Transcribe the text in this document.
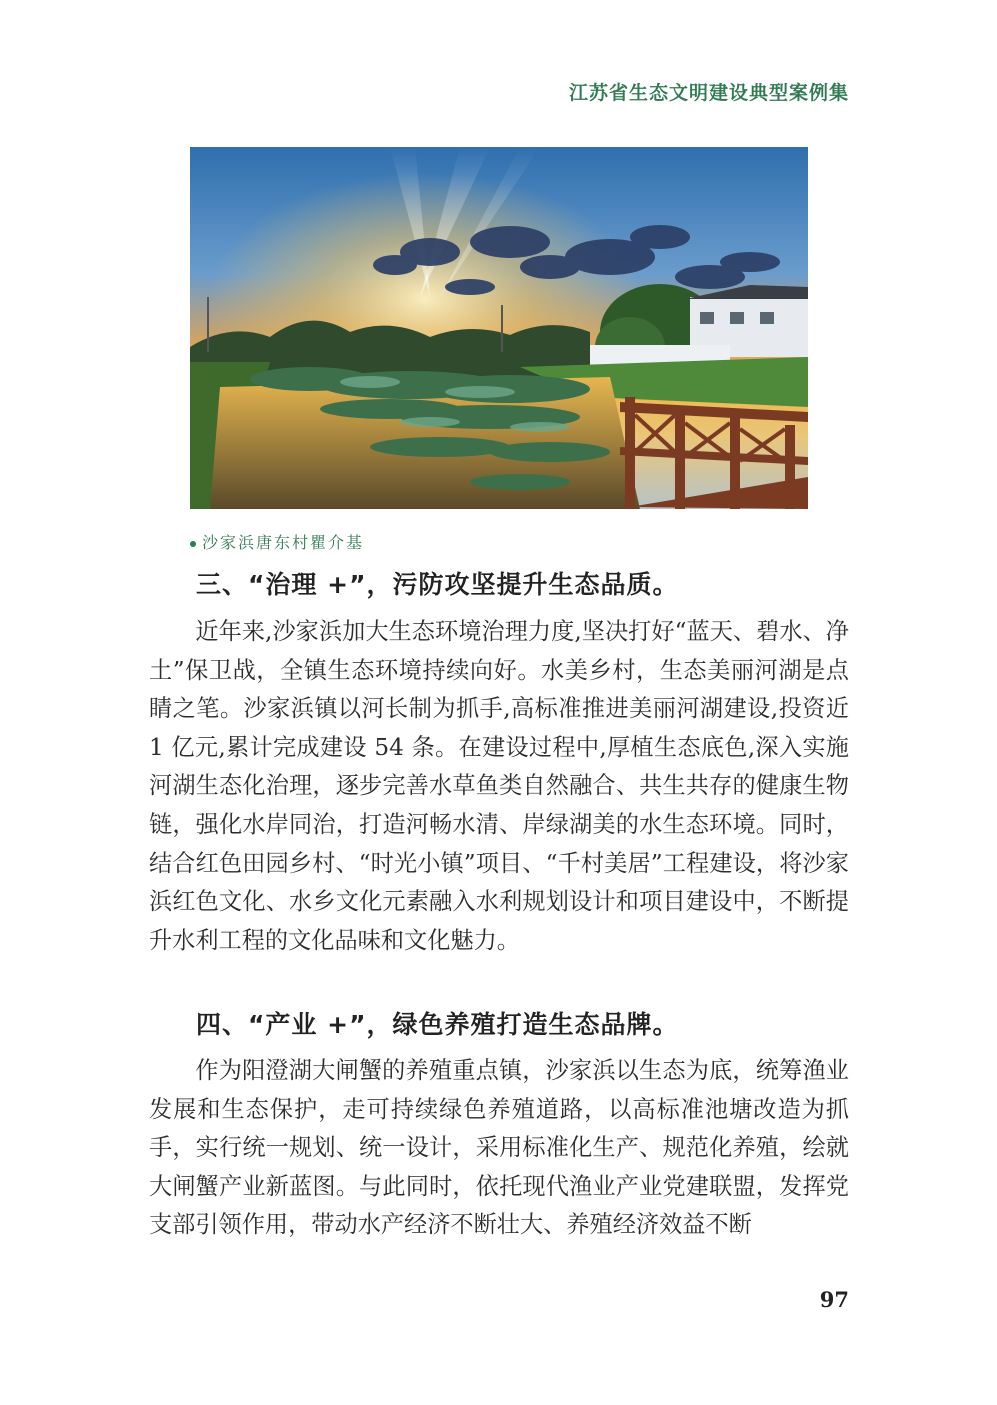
江苏省生态文明建设典型案例集
沙家浜唐东村瞿介基
三、“治理 +”，污防攻坚提升生态品质。

近年来,沙家浜加大生态环境治理力度,坚决打好“蓝天、碧水、净土”保卫战，全镇生态环境持续向好。水美乡村，生态美丽河湖是点睛之笔。沙家浜镇以河长制为抓手,高标准推进美丽河湖建设,投资近 1 亿元,累计完成建设 54 条。在建设过程中,厚植生态底色,深入实施河湖生态化治理，逐步完善水草鱼类自然融合、共生共存的健康生物链，强化水岸同治，打造河畅水清、岸绿湖美的水生态环境。同时，结合红色田园乡村、“时光小镇”项目、“千村美居”工程建设，将沙家浜红色文化、水乡文化元素融入水利规划设计和项目建设中，不断提升水利工程的文化品味和文化魅力。

四、“产业 +”，绿色养殖打造生态品牌。

作为阳澄湖大闸蟹的养殖重点镇，沙家浜以生态为底，统筹渔业发展和生态保护，走可持续绿色养殖道路，以高标准池塘改造为抓手，实行统一规划、统一设计，采用标准化生产、规范化养殖，绘就大闸蟹产业新蓝图。与此同时，依托现代渔业产业党建联盟，发挥党支部引领作用，带动水产经济不断壮大、养殖经济效益不断

97
